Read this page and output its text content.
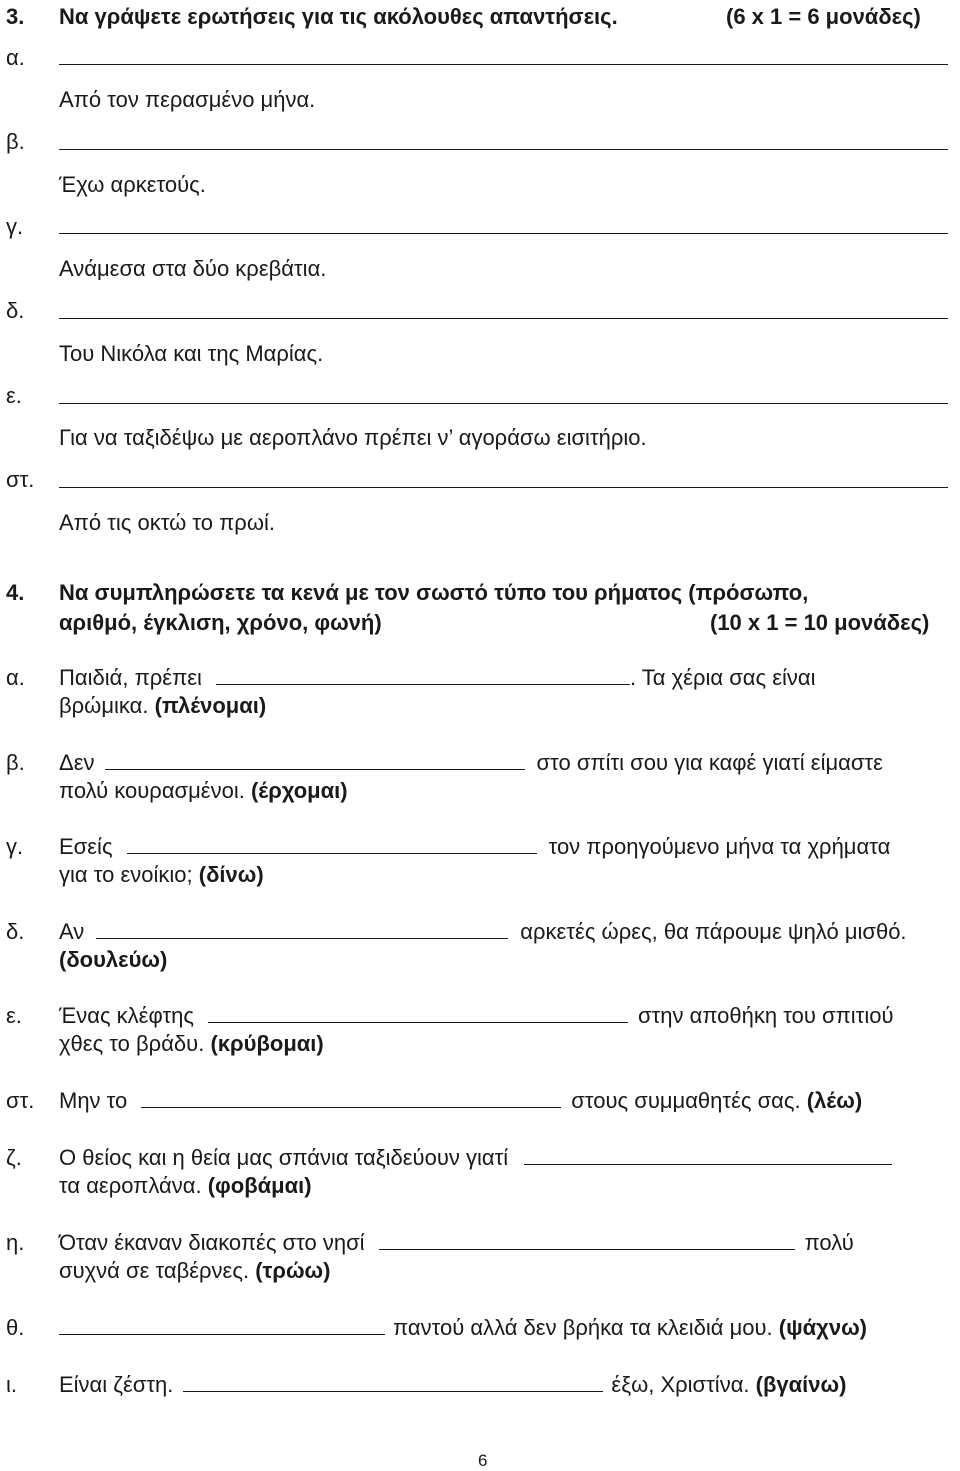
3. Να γράψετε ερωτήσεις για τις ακόλουθες απαντήσεις.	(6 x 1 = 6 μονάδες)
α.
Από τον περασμένο μήνα.
β.
Έχω αρκετούς.
γ.
Ανάμεσα στα δύο κρεβάτια.
δ.
Του Νικόλα και της Μαρίας.
ε.
Για να ταξιδέψω με αεροπλάνο πρέπει ν’ αγοράσω εισιτήριο.
στ.
Από τις οκτώ το πρωί.
4. Να συμπληρώσετε τα κενά με τον σωστό τύπο του ρήματος (πρόσωπο,
αριθμό, έγκλιση, χρόνο, φωνή)	(10 x 1 = 10 μονάδες)
α. Παιδιά, πρέπει	. Τα χέρια σας είναι
βρώμικα. (πλένομαι)
β. Δεν	στο σπίτι σου για καφέ γιατί είμαστε
πολύ κουρασμένοι. (έρχομαι)
γ. Εσείς	τον προηγούμενο μήνα τα χρήματα
για το ενοίκιο; (δίνω)
δ. Αν	αρκετές ώρες, θα πάρουμε ψηλό μισθό.
(δουλεύω)
ε. Ένας κλέφτης	στην αποθήκη του σπιτιού
χθες το βράδυ. (κρύβομαι)
στ. Μην το	στους συμμαθητές σας. (λέω)
ζ. Ο θείος και η θεία μας σπάνια ταξιδεύουν γιατί
τα αεροπλάνα. (φοβάμαι)
η. Όταν έκαναν διακοπές στο νησί	πολύ
συχνά σε ταβέρνες. (τρώω)
θ.	παντού αλλά δεν βρήκα τα κλειδιά μου. (ψάχνω)
ι. Είναι ζέστη.	έξω, Χριστίνα. (βγαίνω)
6
